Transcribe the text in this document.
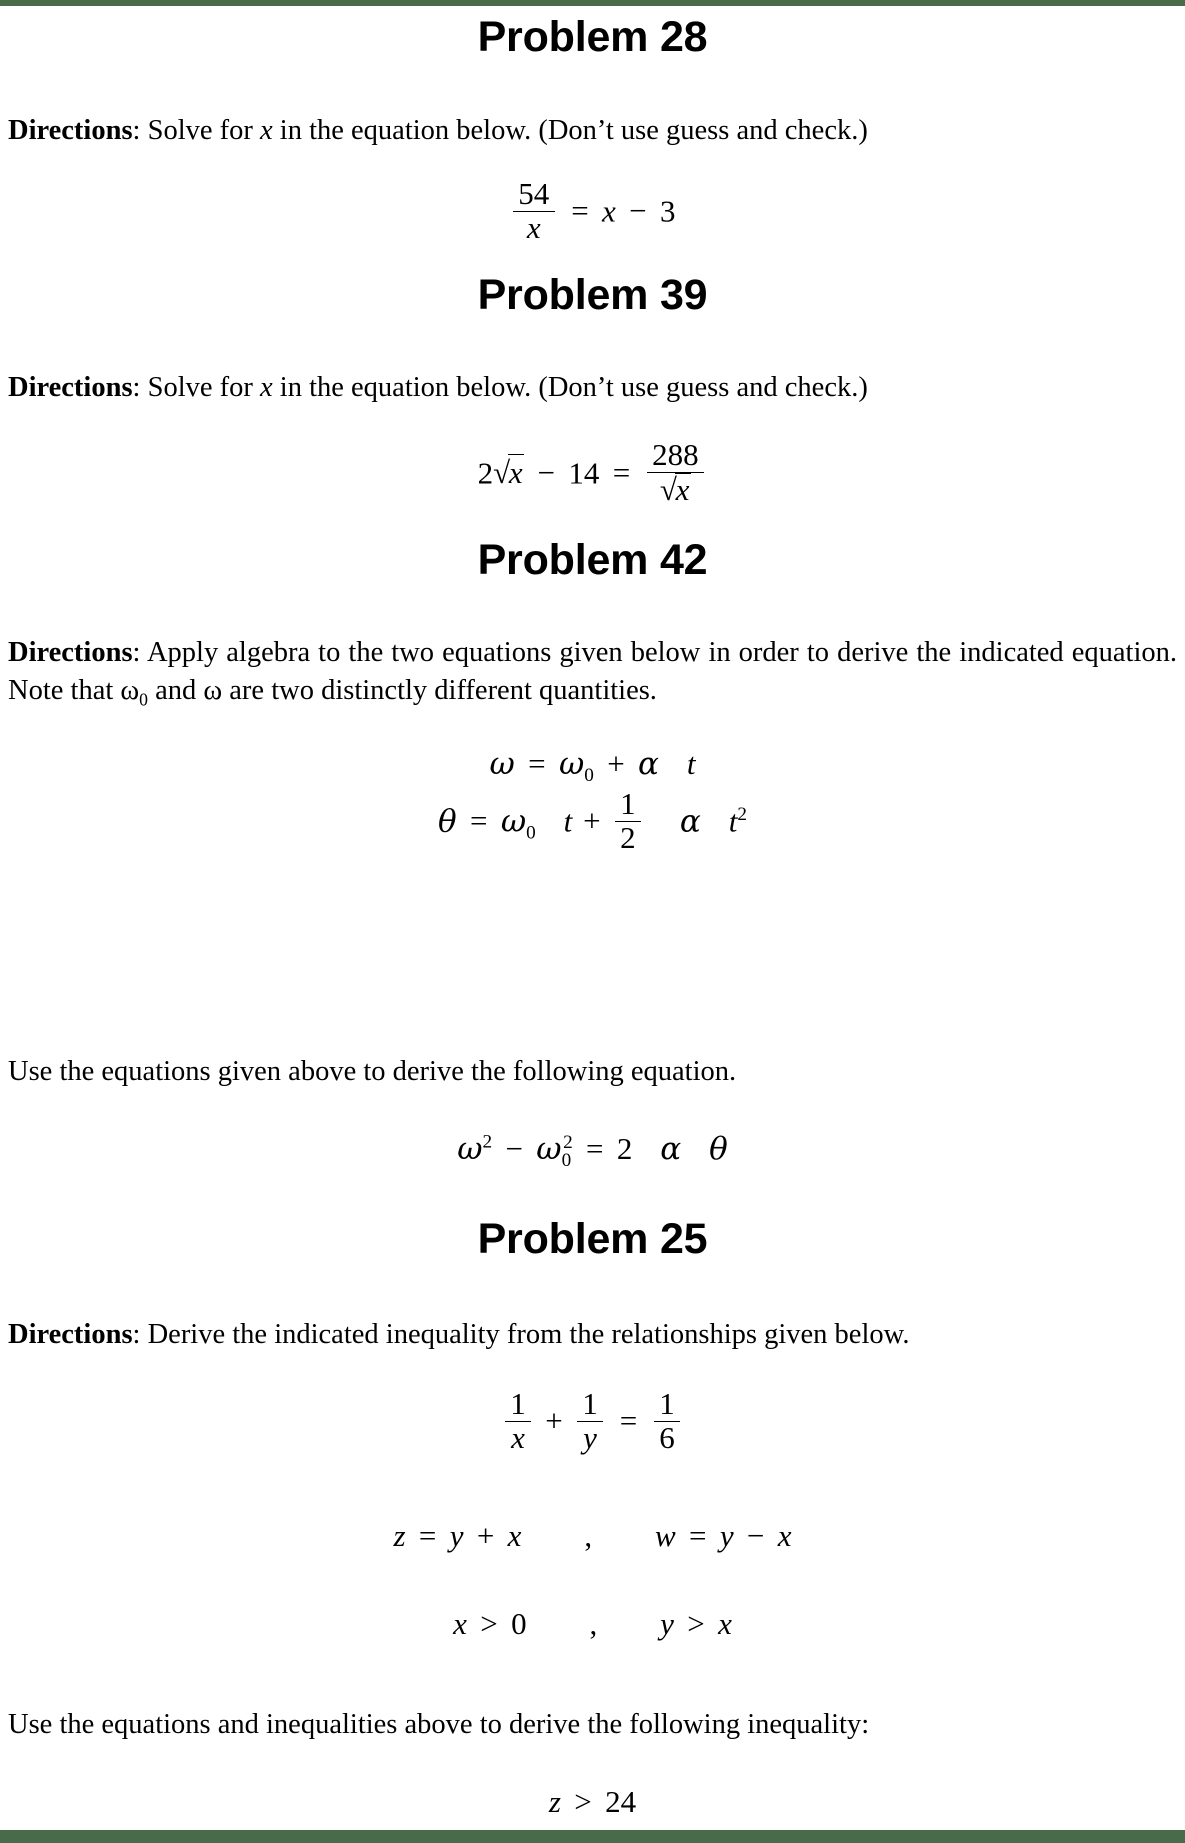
Problem 28

Directions: Solve for x in the equation below. (Don’t use guess and check.)

$\frac{54}{x} = x - 3$
Problem 39

Directions: Solve for x in the equation below. (Don’t use guess and check.)

$2√x - 14 = \frac{288}{√x}$
Problem 42

Directions: Apply algebra to the two equations given below in order to derive the indicated equation. Note that $\omega_0$ and ω are two distinctly different quantities.

$\omega = \omega_0 + \alpha$ t
$\theta = \omega_0$ $t + \frac{1}{2}$ α $t^2$

Use the equations given above to derive the following equation.

$\omega^2 - \omega_0^2 = 2$ α θ
Problem 25

Directions: Derive the indicated inequality from the relationships given below.

$\frac{1}{x} + \frac{1}{y} = \frac{1}{6}$
z = y + x , w = y − x
x > 0 , y > x

Use the equations and inequalities above to derive the following inequality:

z > 24
